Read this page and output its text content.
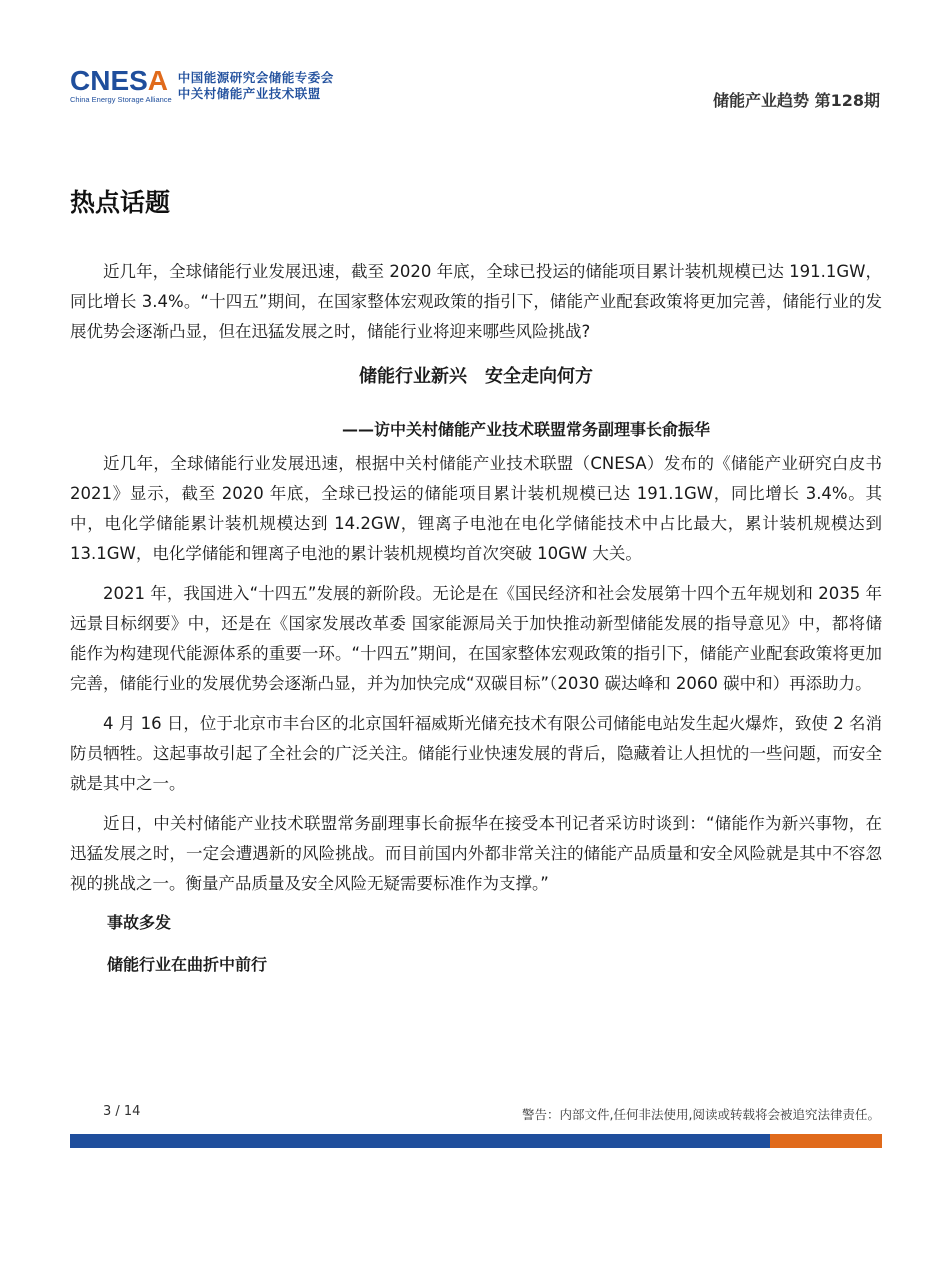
CNESA
China Energy Storage Alliance
中国能源研究会储能专委会
中关村储能产业技术联盟	储能产业趋势 第128期
热点话题

近几年，全球储能行业发展迅速，截至 2020 年底，全球已投运的储能项目累计装机规模已达 191.1GW，同比增长 3.4%。“十四五”期间，在国家整体宏观政策的指引下，储能产业配套政策将更加完善，储能行业的发展优势会逐渐凸显，但在迅猛发展之时，储能行业将迎来哪些风险挑战?

储能行业新兴　安全走向何方
——访中关村储能产业技术联盟常务副理事长俞振华

近几年，全球储能行业发展迅速，根据中关村储能产业技术联盟（CNESA）发布的《储能产业研究白皮书 2021》显示，截至 2020 年底，全球已投运的储能项目累计装机规模已达 191.1GW，同比增长 3.4%。其中，电化学储能累计装机规模达到 14.2GW，锂离子电池在电化学储能技术中占比最大，累计装机规模达到 13.1GW，电化学储能和锂离子电池的累计装机规模均首次突破 10GW 大关。

2021 年，我国进入“十四五”发展的新阶段。无论是在《国民经济和社会发展第十四个五年规划和 2035 年远景目标纲要》中，还是在《国家发展改革委 国家能源局关于加快推动新型储能发展的指导意见》中，都将储能作为构建现代能源体系的重要一环。“十四五”期间，在国家整体宏观政策的指引下，储能产业配套政策将更加完善，储能行业的发展优势会逐渐凸显，并为加快完成“双碳目标”（2030 碳达峰和 2060 碳中和）再添助力。

4 月 16 日，位于北京市丰台区的北京国轩福威斯光储充技术有限公司储能电站发生起火爆炸，致使 2 名消防员牺牲。这起事故引起了全社会的广泛关注。储能行业快速发展的背后，隐藏着让人担忧的一些问题，而安全就是其中之一。

近日，中关村储能产业技术联盟常务副理事长俞振华在接受本刊记者采访时谈到：“储能作为新兴事物，在迅猛发展之时，一定会遭遇新的风险挑战。而目前国内外都非常关注的储能产品质量和安全风险就是其中不容忽视的挑战之一。衡量产品质量及安全风险无疑需要标准作为支撑。”

事故多发
储能行业在曲折中前行
3 / 14	警告：内部文件,任何非法使用,阅读或转载将会被追究法律责任。
